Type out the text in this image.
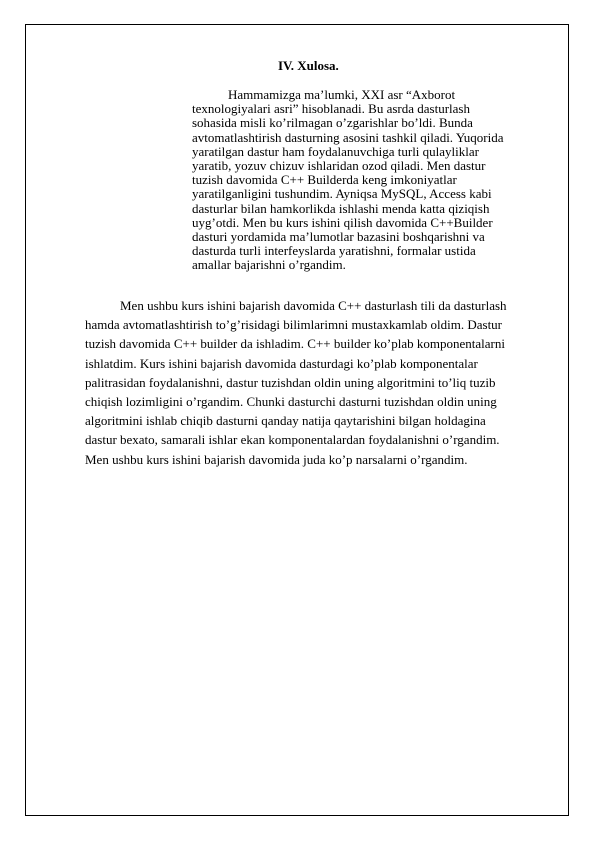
IV. Xulosa.
Hammamizga ma’lumki, XXI asr “Axborot
texnologiyalari asri” hisoblanadi. Bu asrda dasturlash
sohasida misli ko’rilmagan o’zgarishlar bo’ldi. Bunda
avtomatlashtirish dasturning asosini tashkil qiladi. Yuqorida
yaratilgan dastur ham foydalanuvchiga turli qulayliklar
yaratib, yozuv chizuv ishlaridan ozod qiladi. Men dastur
tuzish davomida C++ Builderda keng imkoniyatlar
yaratilganligini tushundim. Ayniqsa MySQL, Access kabi
dasturlar bilan hamkorlikda ishlashi menda katta qiziqish
uyg’otdi. Men bu kurs ishini qilish davomida C++Builder
dasturi yordamida ma’lumotlar bazasini boshqarishni va
dasturda turli interfeyslarda yaratishni, formalar ustida
amallar bajarishni o’rgandim.
Men ushbu kurs ishini bajarish davomida C++ dasturlash tili da dasturlash
hamda avtomatlashtirish to’g’risidagi bilimlarimni mustaxkamlab oldim. Dastur
tuzish davomida C++ builder da ishladim. C++ builder ko’plab komponentalarni
ishlatdim. Kurs ishini bajarish davomida dasturdagi ko’plab komponentalar
palitrasidan foydalanishni, dastur tuzishdan oldin uning algoritmini to’liq tuzib
chiqish lozimligini o’rgandim. Chunki dasturchi dasturni tuzishdan oldin uning
algoritmini ishlab chiqib dasturni qanday natija qaytarishini bilgan holdagina
dastur bexato, samarali ishlar ekan komponentalardan foydalanishni o’rgandim.
Men ushbu kurs ishini bajarish davomida juda ko’p narsalarni o’rgandim.
